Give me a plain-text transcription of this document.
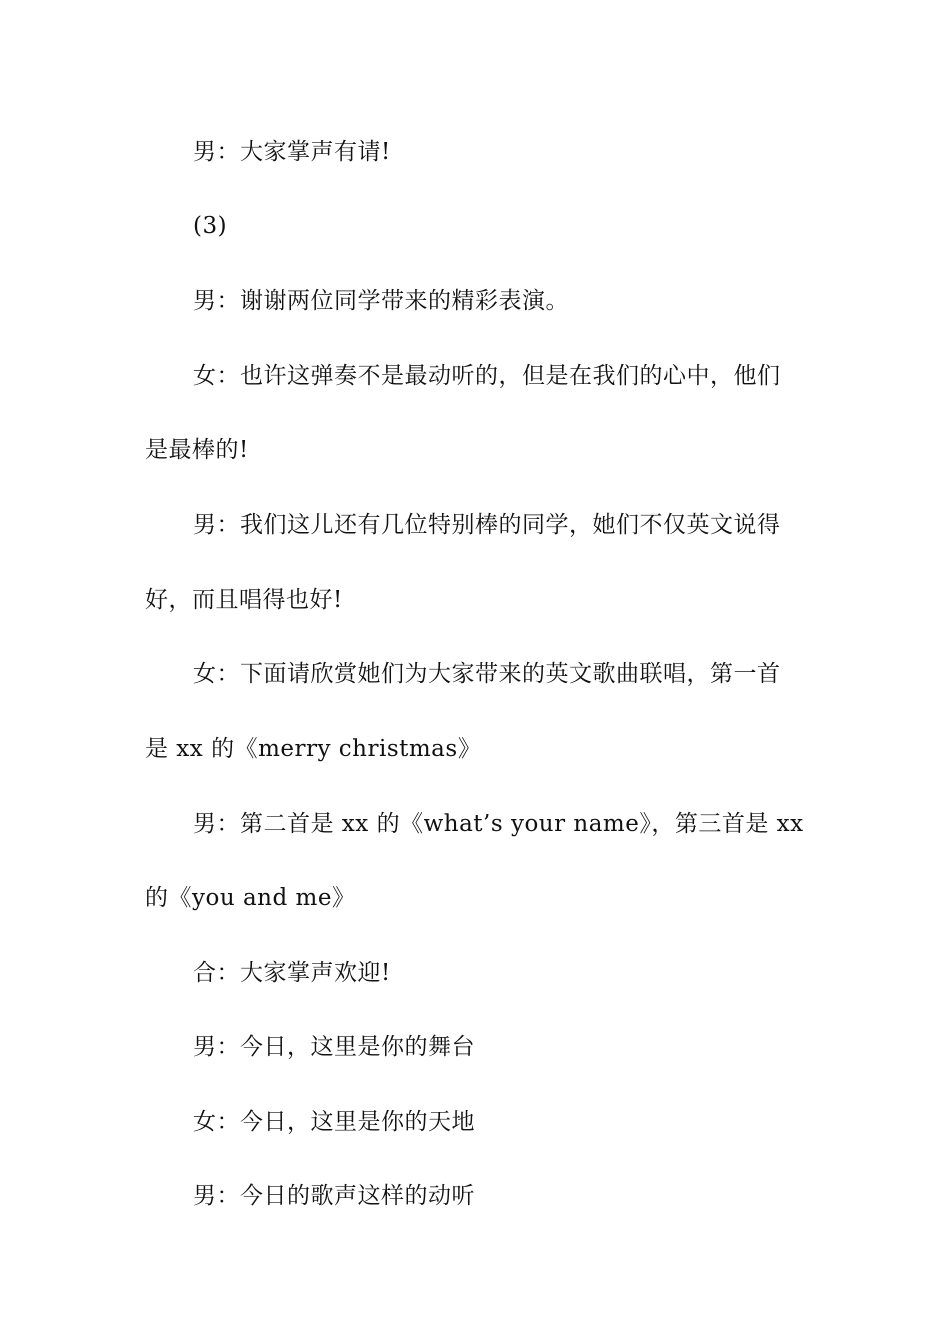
男：大家掌声有请!
(3)
男：谢谢两位同学带来的精彩表演。
女：也许这弹奏不是最动听的，但是在我们的心中，他们
是最棒的!
男：我们这儿还有几位特别棒的同学，她们不仅英文说得
好，而且唱得也好!
女：下面请欣赏她们为大家带来的英文歌曲联唱，第一首
是 xx 的《merry christmas》
男：第二首是 xx 的《what’s your name》，第三首是 xx
的《you and me》
合：大家掌声欢迎!
男：今日，这里是你的舞台
女：今日，这里是你的天地
男：今日的歌声这样的动听
